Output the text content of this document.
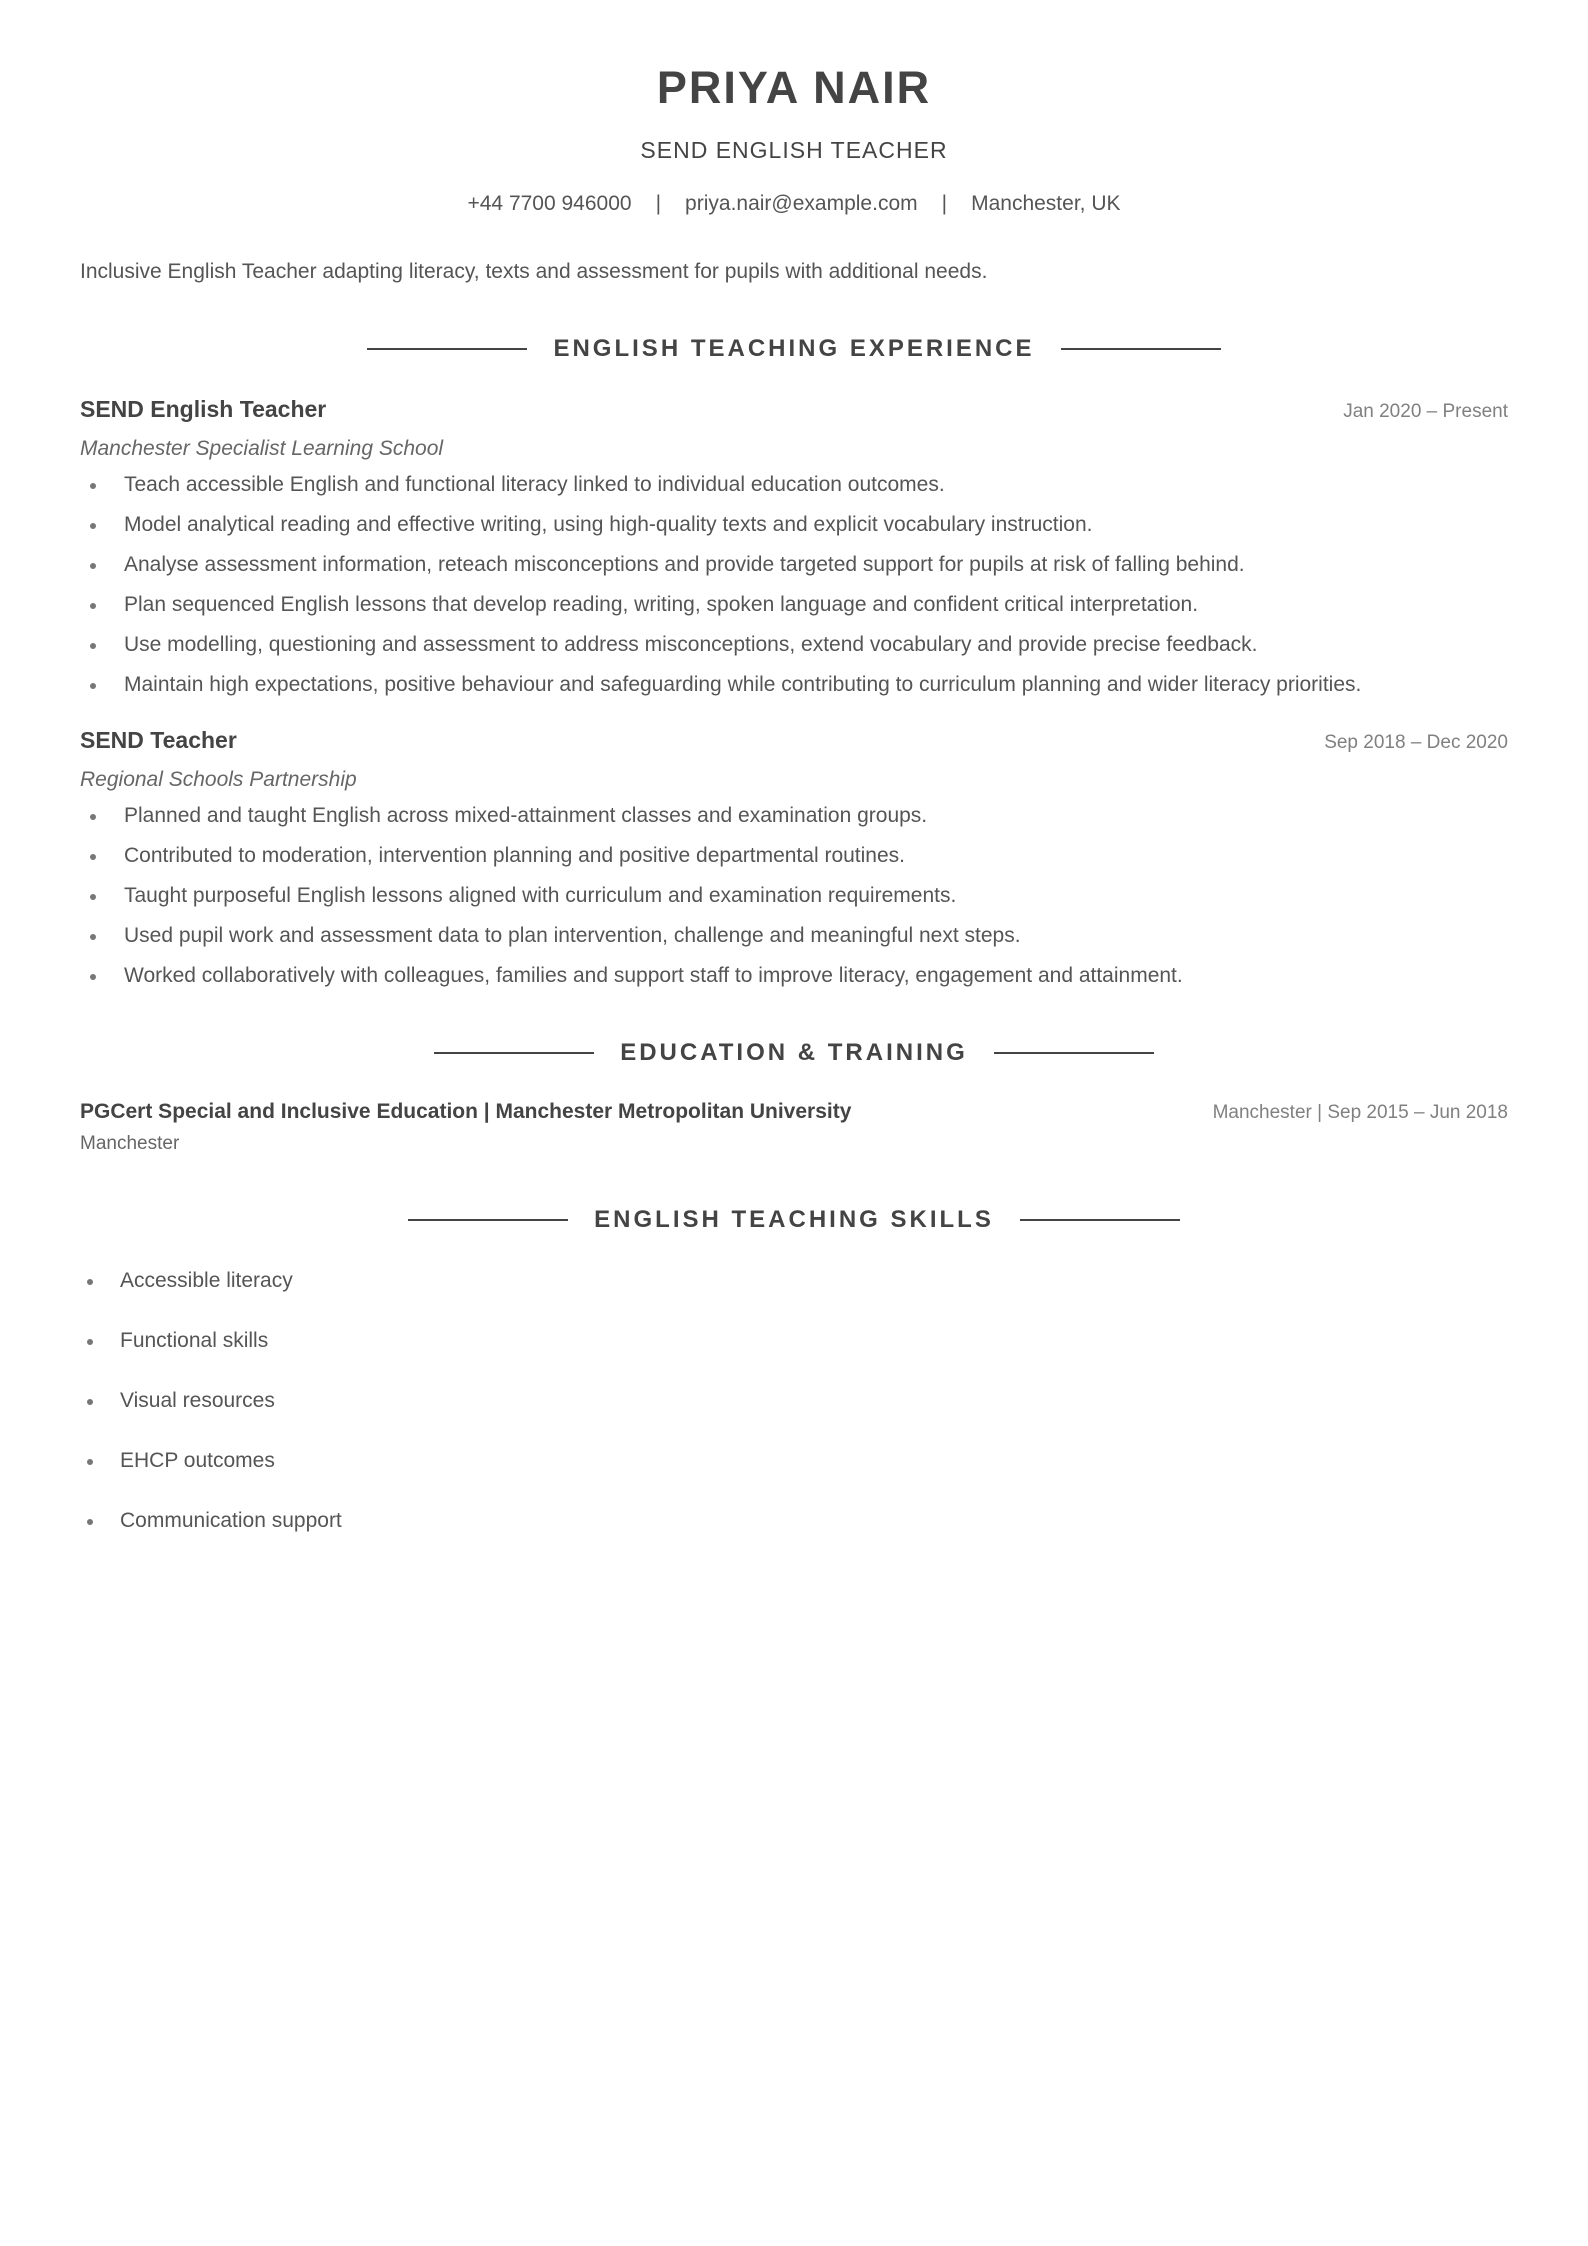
PRIYA NAIR
SEND ENGLISH TEACHER
+44 7700 946000 | priya.nair@example.com | Manchester, UK
Inclusive English Teacher adapting literacy, texts and assessment for pupils with additional needs.
ENGLISH TEACHING EXPERIENCE
SEND English Teacher	Jan 2020 – Present
Manchester Specialist Learning School
Teach accessible English and functional literacy linked to individual education outcomes.
Model analytical reading and effective writing, using high-quality texts and explicit vocabulary instruction.
Analyse assessment information, reteach misconceptions and provide targeted support for pupils at risk of falling behind.
Plan sequenced English lessons that develop reading, writing, spoken language and confident critical interpretation.
Use modelling, questioning and assessment to address misconceptions, extend vocabulary and provide precise feedback.
Maintain high expectations, positive behaviour and safeguarding while contributing to curriculum planning and wider literacy priorities.
SEND Teacher	Sep 2018 – Dec 2020
Regional Schools Partnership
Planned and taught English across mixed-attainment classes and examination groups.
Contributed to moderation, intervention planning and positive departmental routines.
Taught purposeful English lessons aligned with curriculum and examination requirements.
Used pupil work and assessment data to plan intervention, challenge and meaningful next steps.
Worked collaboratively with colleagues, families and support staff to improve literacy, engagement and attainment.
EDUCATION & TRAINING
PGCert Special and Inclusive Education | Manchester Metropolitan University	Manchester | Sep 2015 – Jun 2018
Manchester
ENGLISH TEACHING SKILLS
Accessible literacy
Functional skills
Visual resources
EHCP outcomes
Communication support
